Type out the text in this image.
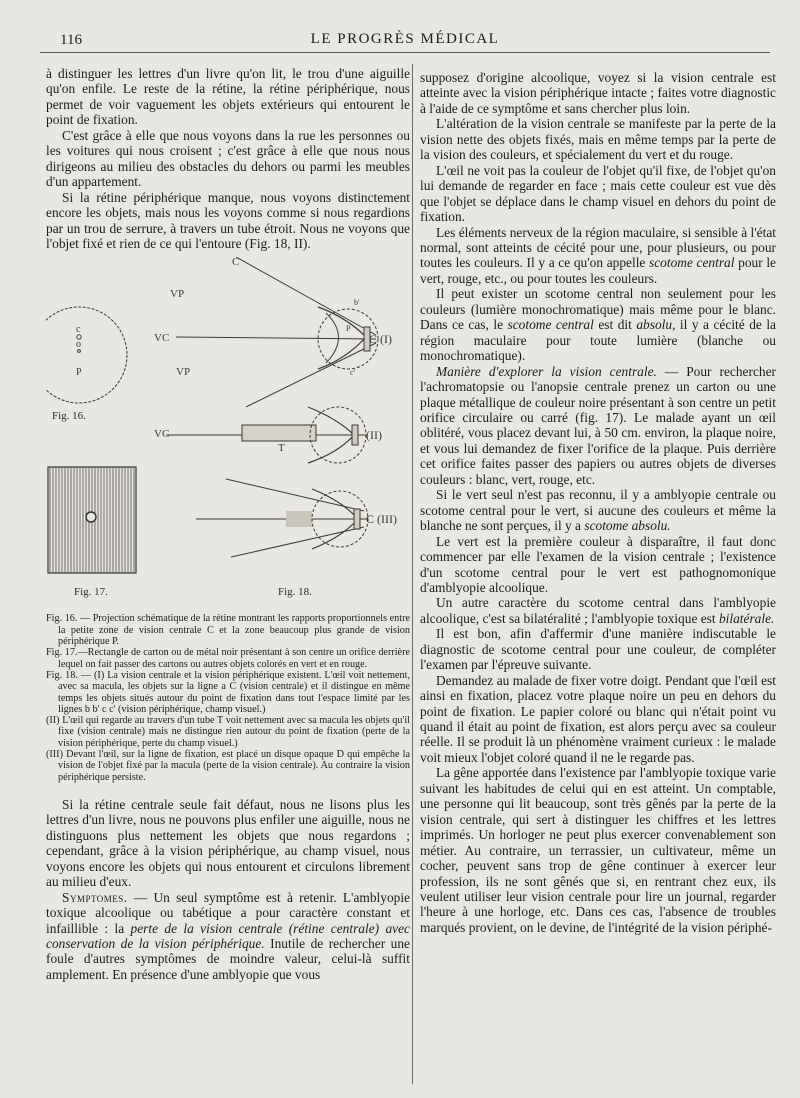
116	LE PROGRÈS MÉDICAL

à distinguer les lettres d'un livre qu'on lit, le trou d'une aiguille qu'on enfile. Le reste de la rétine, la rétine périphérique, nous permet de voir vaguement les objets extérieurs qui entourent le point de fixation.

C'est grâce à elle que nous voyons dans la rue les personnes ou les voitures qui nous croisent ; c'est grâce à elle que nous nous dirigeons au milieu des obstacles du dehors ou parmi les meubles d'un appartement.

Si la rétine périphérique manque, nous voyons distinctement encore les objets, mais nous les voyons comme si nous regardions par un trou de serrure, à travers un tube étroit. Nous ne voyons que l'objet fixé et rien de ce qui l'entoure (Fig. 18, II).

c
o
P
VP
VC
VP
VC
C
T
C (I)
(II)
C (III)
P
b'
c'
Fig. 16.
Fig. 17.	Fig. 18.

Fig. 16. — Projection schématique de la rétine montrant les rapports proportionnels entre la petite zone de vision centrale C et la zone beaucoup plus grande de vision périphérique P.

Fig. 17.—Rectangle de carton ou de métal noir présentant à son centre un orifice derrière lequel on fait passer des cartons ou autres objets colorés en vert et en rouge.

Fig. 18. — (I) La vision centrale et la vision périphérique existent. L'œil voit nettement, avec sa macula, les objets sur la ligne a C (vision centrale) et il distingue en même temps les objets situés autour du point de fixation dans tout l'espace limité par les lignes b b' c c' (vision périphérique, champ visuel.)

(II) L'œil qui regarde au travers d'un tube T voit nettement avec sa macula les objets qu'il fixe (vision centrale) mais ne distingue rien autour du point de fixation (perte de la vision périphérique, perte du champ visuel.)

(III) Devant l'œil, sur la ligne de fixation, est placé un disque opaque D qui empêche la vision de l'objet fixé par la macula (perte de la vision centrale). Au contraire la vision périphérique persiste.

Si la rétine centrale seule fait défaut, nous ne lisons plus les lettres d'un livre, nous ne pouvons plus enfiler une aiguille, nous ne distinguons plus nettement les objets que nous regardons ; cependant, grâce à la vision périphérique, au champ visuel, nous voyons encore les objets qui nous entourent et circulons librement au milieu d'eux.

Symptomes. — Un seul symptôme est à retenir. L'amblyopie toxique alcoolique ou tabétique a pour caractère constant et infaillible : la perte de la vision centrale (rétine centrale) avec conservation de la vision périphérique. Inutile de rechercher une foule d'autres symptômes de moindre valeur, celui-là suffit amplement. En présence d'une amblyopie que vous

supposez d'origine alcoolique, voyez si la vision centrale est atteinte avec la vision périphérique intacte ; faites votre diagnostic à l'aide de ce symptôme et sans chercher plus loin.

L'altération de la vision centrale se manifeste par la perte de la vision nette des objets fixés, mais en même temps par la perte de la vision des couleurs, et spécialement du vert et du rouge.

L'œil ne voit pas la couleur de l'objet qu'il fixe, de l'objet qu'on lui demande de regarder en face ; mais cette couleur est vue dès que l'objet se déplace dans le champ visuel en dehors du point de fixation.

Les éléments nerveux de la région maculaire, si sensible à l'état normal, sont atteints de cécité pour une, pour plusieurs, ou pour toutes les couleurs. Il y a ce qu'on appelle scotome central pour le vert, rouge, etc., ou pour toutes les couleurs.

Il peut exister un scotome central non seulement pour les couleurs (lumière monochromatique) mais même pour le blanc. Dans ce cas, le scotome central est dit absolu, il y a cécité de la région maculaire pour toute lumière (blanche ou monochromatique).

Manière d'explorer la vision centrale. — Pour rechercher l'achromatopsie ou l'anopsie centrale prenez un carton ou une plaque métallique de couleur noire présentant à son centre un petit orifice circulaire ou carré (fig. 17). Le malade ayant un œil oblitéré, vous placez devant lui, à 50 cm. environ, la plaque noire, et vous lui demandez de fixer l'orifice de la plaque. Puis derrière cet orifice faites passer des papiers ou autres objets de diverses couleurs : blanc, vert, rouge, etc.

Si le vert seul n'est pas reconnu, il y a amblyopie centrale ou scotome central pour le vert, si aucune des couleurs et même la blanche ne sont perçues, il y a scotome absolu.

Le vert est la première couleur à disparaître, il faut donc commencer par elle l'examen de la vision centrale ; l'existence d'un scotome central pour le vert est pathognomonique d'amblyopie alcoolique.

Un autre caractère du scotome central dans l'amblyopie alcoolique, c'est sa bilatéralité ; l'amblyopie toxique est bilatérale.

Il est bon, afin d'affermir d'une manière indiscutable le diagnostic de scotome central pour une couleur, de compléter l'examen par l'épreuve suivante.

Demandez au malade de fixer votre doigt. Pendant que l'œil est ainsi en fixation, placez votre plaque noire un peu en dehors du point de fixation. Le papier coloré ou blanc qui n'était point vu quand il était au point de fixation, est alors perçu avec sa couleur réelle. Il se produit là un phénomène vraiment curieux : le malade voit mieux l'objet coloré quand il ne le regarde pas.

La gêne apportée dans l'existence par l'amblyopie toxique varie suivant les habitudes de celui qui en est atteint. Un comptable, une personne qui lit beaucoup, sont très gênés par la perte de la vision centrale, qui sert à distinguer les chiffres et les lettres imprimés. Un horloger ne peut plus exercer convenablement son métier. Au contraire, un terrassier, un cultivateur, même un cocher, peuvent sans trop de gêne continuer à exercer leur profession, ils ne sont gênés que si, en rentrant chez eux, ils veulent utiliser leur vision centrale pour lire un journal, regarder l'heure à une horloge, etc. Dans ces cas, l'absence de troubles marqués provient, on le devine, de l'intégrité de la vision périphé-
